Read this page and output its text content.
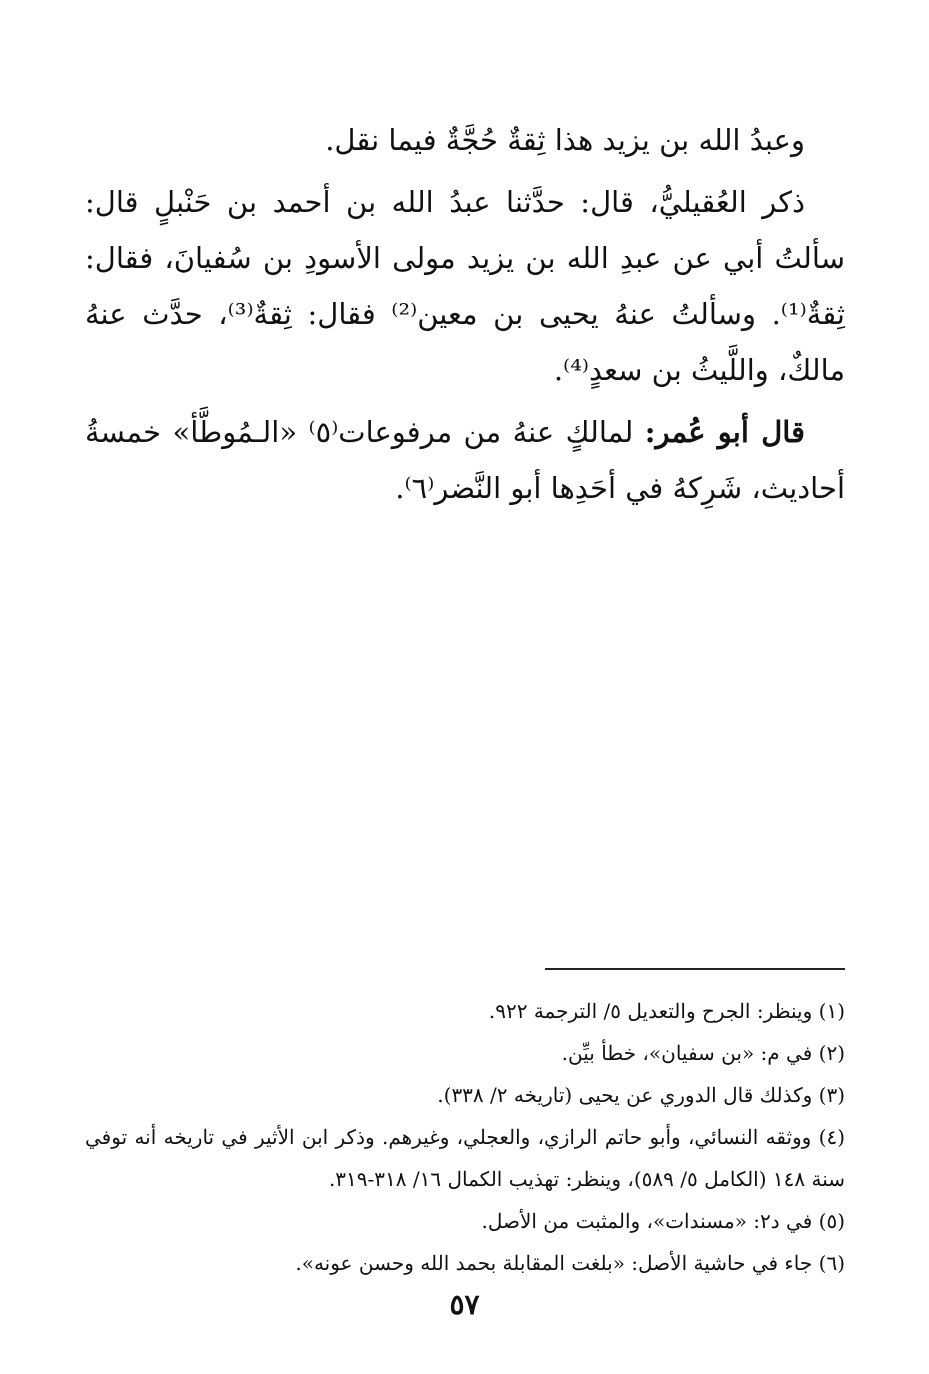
وعبدُ الله بن يزيد هذا ثِقةٌ حُجَّةٌ فيما نقل.

ذكر العُقيليُّ، قال: حدَّثنا عبدُ الله بن أحمد بن حَنْبلٍ قال: سألتُ أبي عن عبدِ الله بن يزيد مولى الأسودِ بن سُفيانَ، فقال: ثِقةٌ⁽¹⁾. وسألتُ عنهُ يحيى بن معين⁽²⁾ فقال: ثِقةٌ⁽³⁾، حدَّث عنهُ مالكٌ، واللَّيثُ بن سعدٍ⁽⁴⁾.

قال أبو عُمر: لمالكٍ عنهُ من مرفوعات⁽٥⁾ «الـمُوطَّأ» خمسةُ أحاديث، شَرِكهُ في أحَدِها أبو النَّضر⁽٦⁾.

(١) وينظر: الجرح والتعديل ٥/ الترجمة ٩٢٢.

(٢) في م: «بن سفيان»، خطأ بيِّن.

(٣) وكذلك قال الدوري عن يحيى (تاريخه ٢/ ٣٣٨).

(٤) ووثقه النسائي، وأبو حاتم الرازي، والعجلي، وغيرهم. وذكر ابن الأثير في تاريخه أنه توفي سنة ١٤٨ (الكامل ٥/ ٥٨٩)، وينظر: تهذيب الكمال ١٦/ ٣١٨-٣١٩.

(٥) في د٢: «مسندات»، والمثبت من الأصل.

(٦) جاء في حاشية الأصل: «بلغت المقابلة بحمد الله وحسن عونه».

٥٧
